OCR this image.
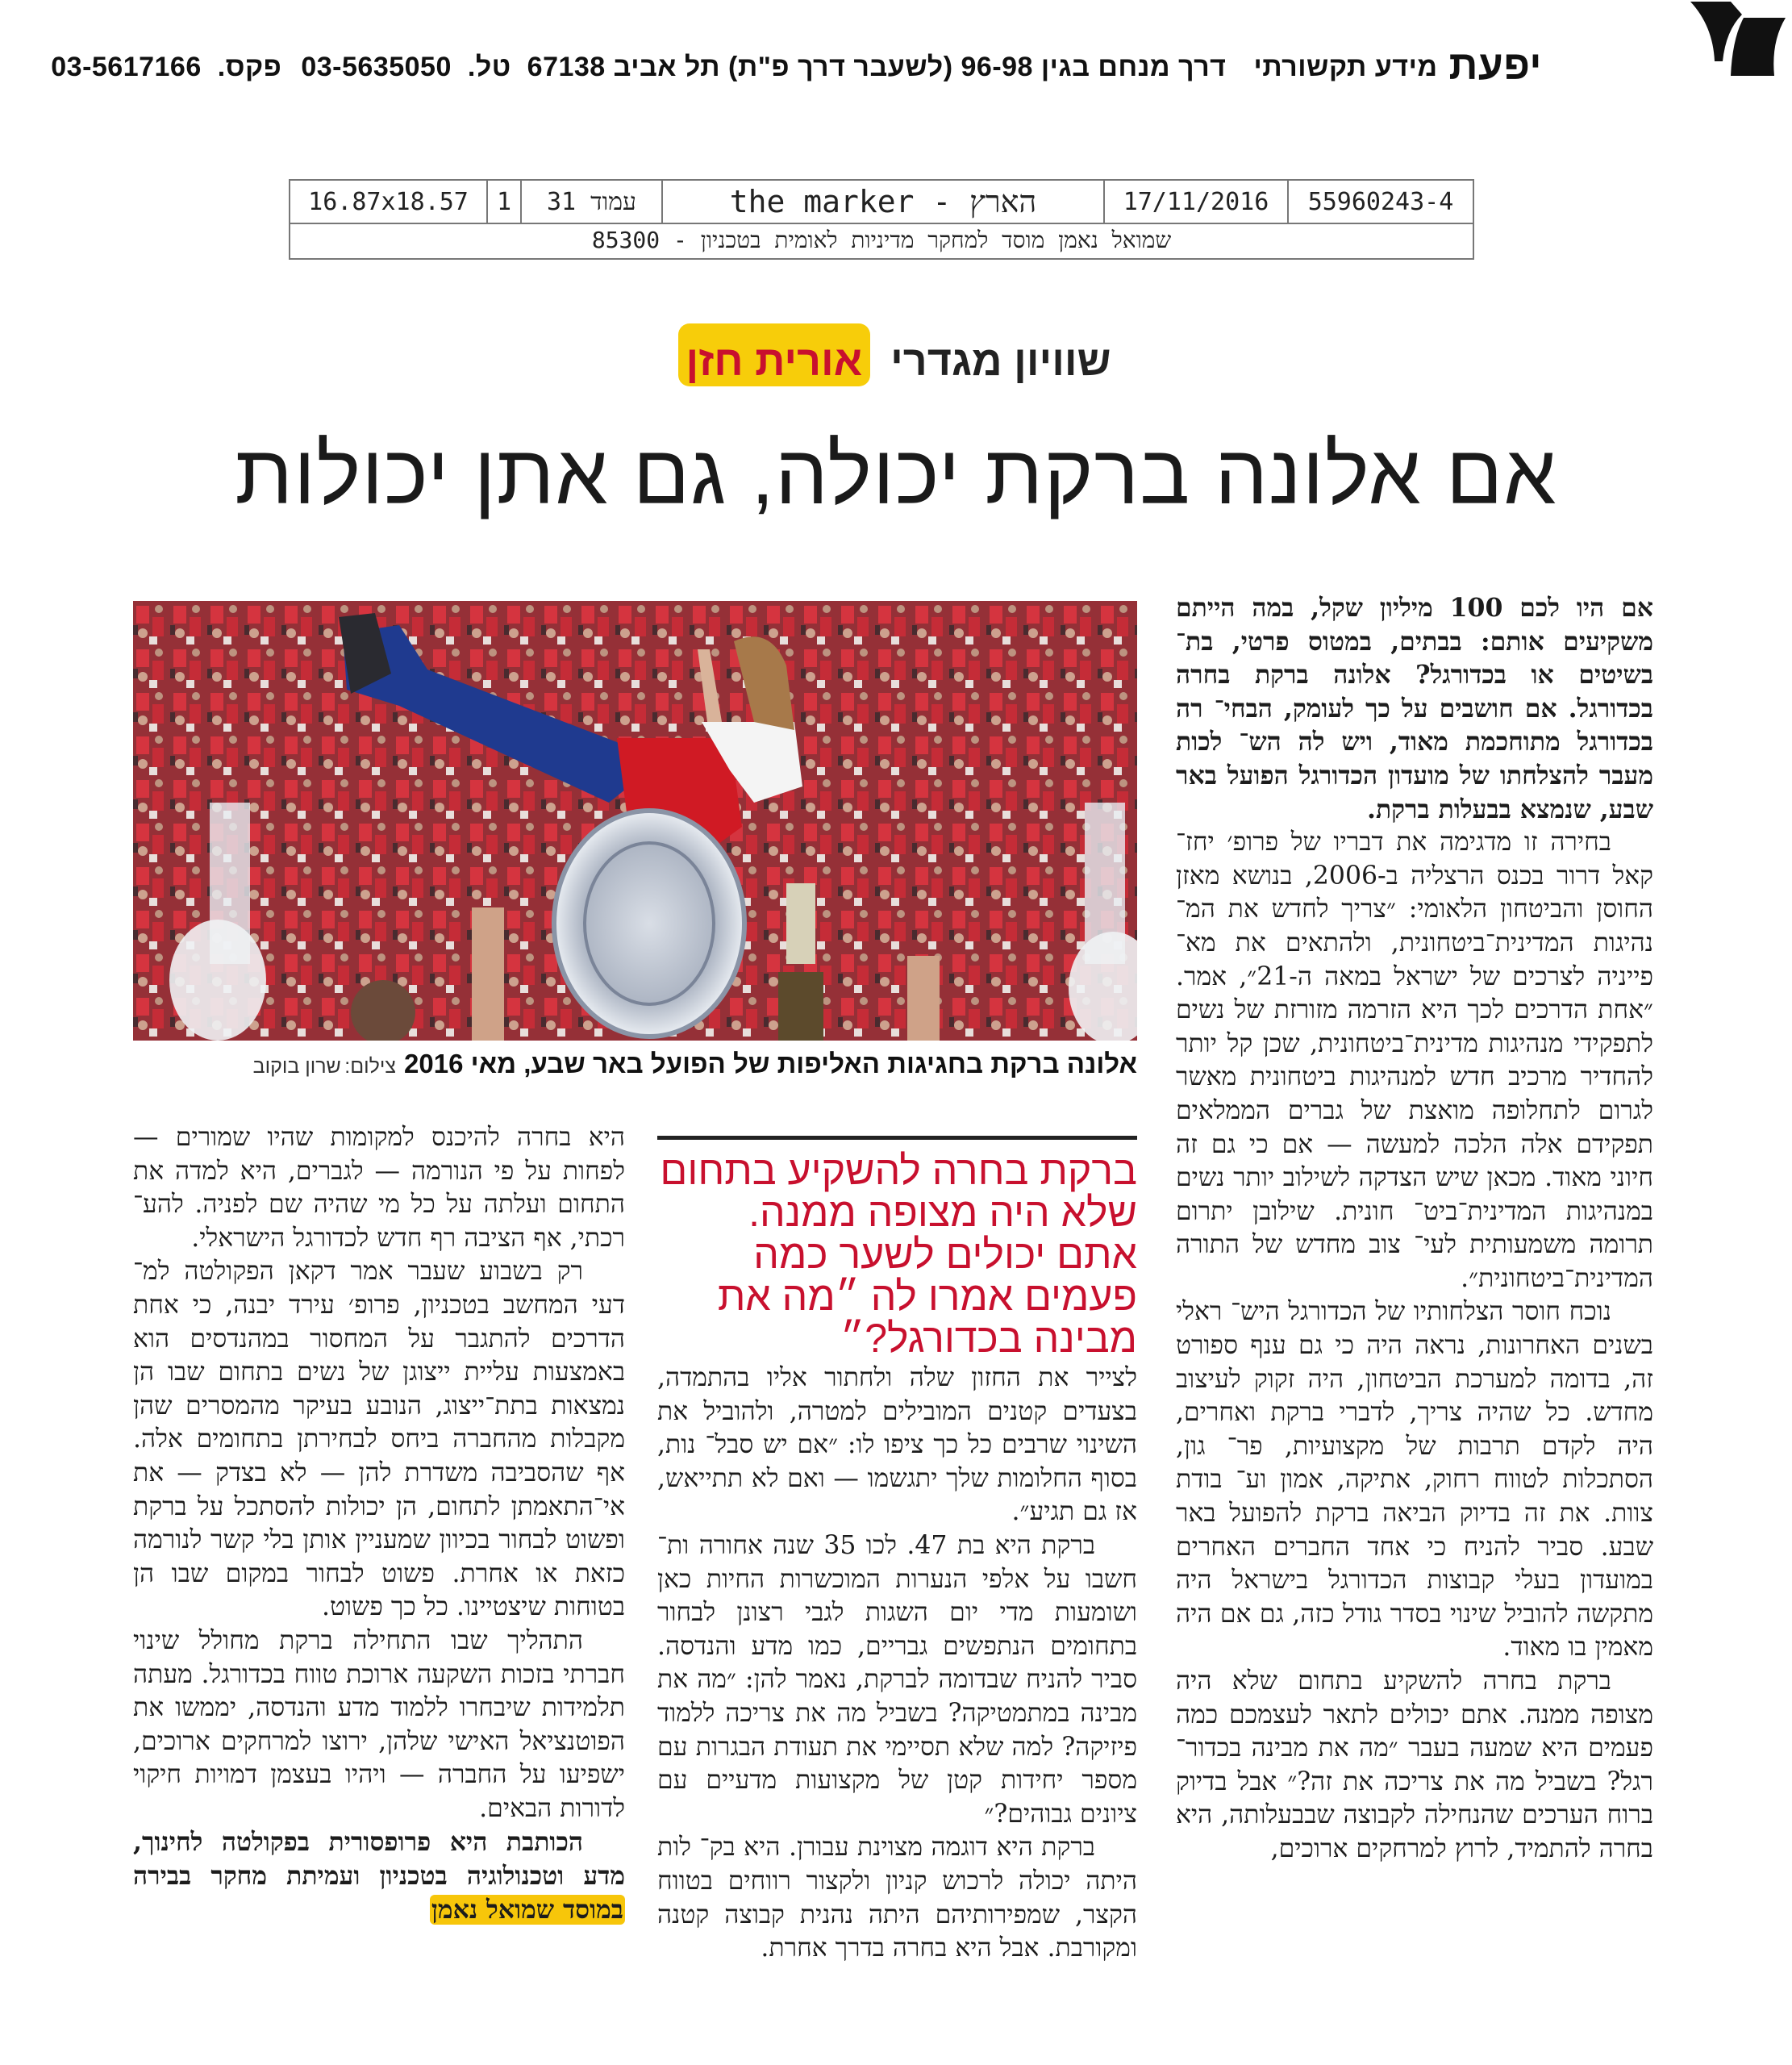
יפעתמידע תקשורתידרך מנחם בגין 96-98 (לשעבר דרך פ"ת) תל אביב 67138טל.03-5635050פקס.03-5617166
16.87x18.57	1	עמוד 31	הארץ - the marker	17/11/2016	55960243-4
שמואל נאמן מוסד למחקר מדיניות לאומית בטכניון - 85300
שוויון מגדרי  אורית חזן
אם אלונה ברקת יכולה, גם אתן יכולות
אלונה ברקת בחגיגות האליפות של הפועל באר שבע, מאי 2016צילום: שרון בוקוב

אם היו לכם 100 מיליון שקל, במה הייתם משקיעים אותם: בבתים, במטוס פרטי, בת־ בשיטים או בכדורגל? אלונה ברקת בחרה בכדורגל. אם חושבים על כך לעומק, הבחי־ רה בכדורגל מתוחכמת מאוד, ויש לה הש־ לכות מעבר להצלחתו של מועדון הכדורגל הפועל באר שבע, שנמצא בבעלות ברקת.

בחירה זו מדגימה את דבריו של פרופ׳ יחז־ קאל דרור בכנס הרצליה ב-2006, בנושא מאזן החוסן והביטחון הלאומי: ״צריך לחדש את המ־ נהיגות המדינית־ביטחונית, ולהתאים את מא־ פייניה לצרכים של ישראל במאה ה-21״, אמר. ״אחת הדרכים לכך היא הזרמה מזורזת של נשים לתפקידי מנהיגות מדינית־ביטחונית, שכן קל יותר להחדיר מרכיב חדש למנהיגות ביטחונית מאשר לגרום לתחלופה מואצת של גברים הממלאים תפקידם אלה הלכה למעשה — אם כי גם זה חיוני מאוד. מכאן שיש הצדקה לשילוב יותר נשים במנהיגות המדינית־ביט־ חונית. שילובן יתרום תרומה משמעותית לעי־ צוב מחדש של התורה המדינית־ביטחונית״.

נוכח חוסר הצלחותיו של הכדורגל היש־ ראלי בשנים האחרונות, נראה היה כי גם ענף ספורט זה, בדומה למערכת הביטחון, היה זקוק לעיצוב מחדש. כל שהיה צריך, לדברי ברקת ואחרים, היה לקדם תרבות של מקצועיות, פר־ גון, הסתכלות לטווח רחוק, אתיקה, אמון וע־ בודת צוות. את זה בדיוק הביאה ברקת להפועל באר שבע. סביר להניח כי אחד החברים האחרים במועדון בעלי קבוצות הכדורגל בישראל היה מתקשה להוביל שינוי בסדר גודל כזה, גם אם היה מאמין בו מאוד.

ברקת בחרה להשקיע בתחום שלא היה מצופה ממנה. אתם יכולים לתאר לעצמכם כמה פעמים היא שמעה בעבר ״מה את מבינה בכדור־ רגל? בשביל מה את צריכה את זה?״ אבל בדיוק ברוח הערכים שהנחילה לקבוצה שבבעלותה, היא בחרה להתמיד, לרוץ למרחקים ארוכים,

ברקת בחרה להשקיע בתחום שלא היה מצופה ממנה. אתם יכולים לשער כמה פעמים אמרו לה ״מה את מבינה בכדורגל?״

לצייר את החזון שלה ולחתור אליו בהתמדה, בצעדים קטנים המובילים למטרה, ולהוביל את השינוי שרבים כל כך ציפו לו: ״אם יש סבל־ נות, בסוף החלומות שלך יתגשמו — ואם לא תתייאש, אז גם תגיע״.

ברקת היא בת 47. לכו 35 שנה אחורה ות־ חשבו על אלפי הנערות המוכשרות החיות כאן ושומעות מדי יום השגות לגבי רצונן לבחור בתחומים הנתפשים גבריים, כמו מדע והנדסה. סביר להניח שבדומה לברקת, נאמר להן: ״מה את מבינה במתמטיקה? בשביל מה את צריכה ללמוד פיזיקה? למה שלא תסיימי את תעודת הבגרות עם מספר יחידות קטן של מקצועות מדעיים עם ציונים גבוהים?״

ברקת היא דוגמה מצוינת עבורן. היא בק־ לות היתה יכולה לרכוש קניון ולקצור רווחים בטווח הקצר, שמפירותיהם היתה נהנית קבוצה קטנה ומקורבת. אבל היא בחרה בדרך אחרת.

היא בחרה להיכנס למקומות שהיו שמורים — לפחות על פי הנורמה — לגברים, היא למדה את התחום ועלתה על כל מי שהיה שם לפניה. להע־ רכתי, אף הציבה רף חדש לכדורגל הישראלי.

רק בשבוע שעבר אמר דקאן הפקולטה למ־ דעי המחשב בטכניון, פרופ׳ עירד יבנה, כי אחת הדרכים להתגבר על המחסור במהנדסים הוא באמצעות עליית ייצוגן של נשים בתחום שבו הן נמצאות בתת־ייצוג, הנובע בעיקר מהמסרים שהן מקבלות מהחברה ביחס לבחירתן בתחומים אלה. אף שהסביבה משדרת להן — לא בצדק — את אי־התאמתן לתחום, הן יכולות להסתכל על ברקת ופשוט לבחור בכיוון שמעניין אותן בלי קשר לנורמה כזאת או אחרת. פשוט לבחור במקום שבו הן בטוחות שיצטיינו. כל כך פשוט.

התהליך שבו התחילה ברקת מחולל שינוי חברתי בזכות השקעה ארוכת טווח בכדורגל. מעתה תלמידות שיבחרו ללמוד מדע והנדסה, יממשו את הפוטנציאל האישי שלהן, ירוצו למרחקים ארוכים, ישפיעו על החברה — ויהיו בעצמן דמויות חיקוי לדורות הבאים.

הכותבת היא פרופסורית בפקולטה לחינוך, מדע וטכנולוגיה בטכניון ועמיתת מחקר בבירה במוסד שמואל נאמן
